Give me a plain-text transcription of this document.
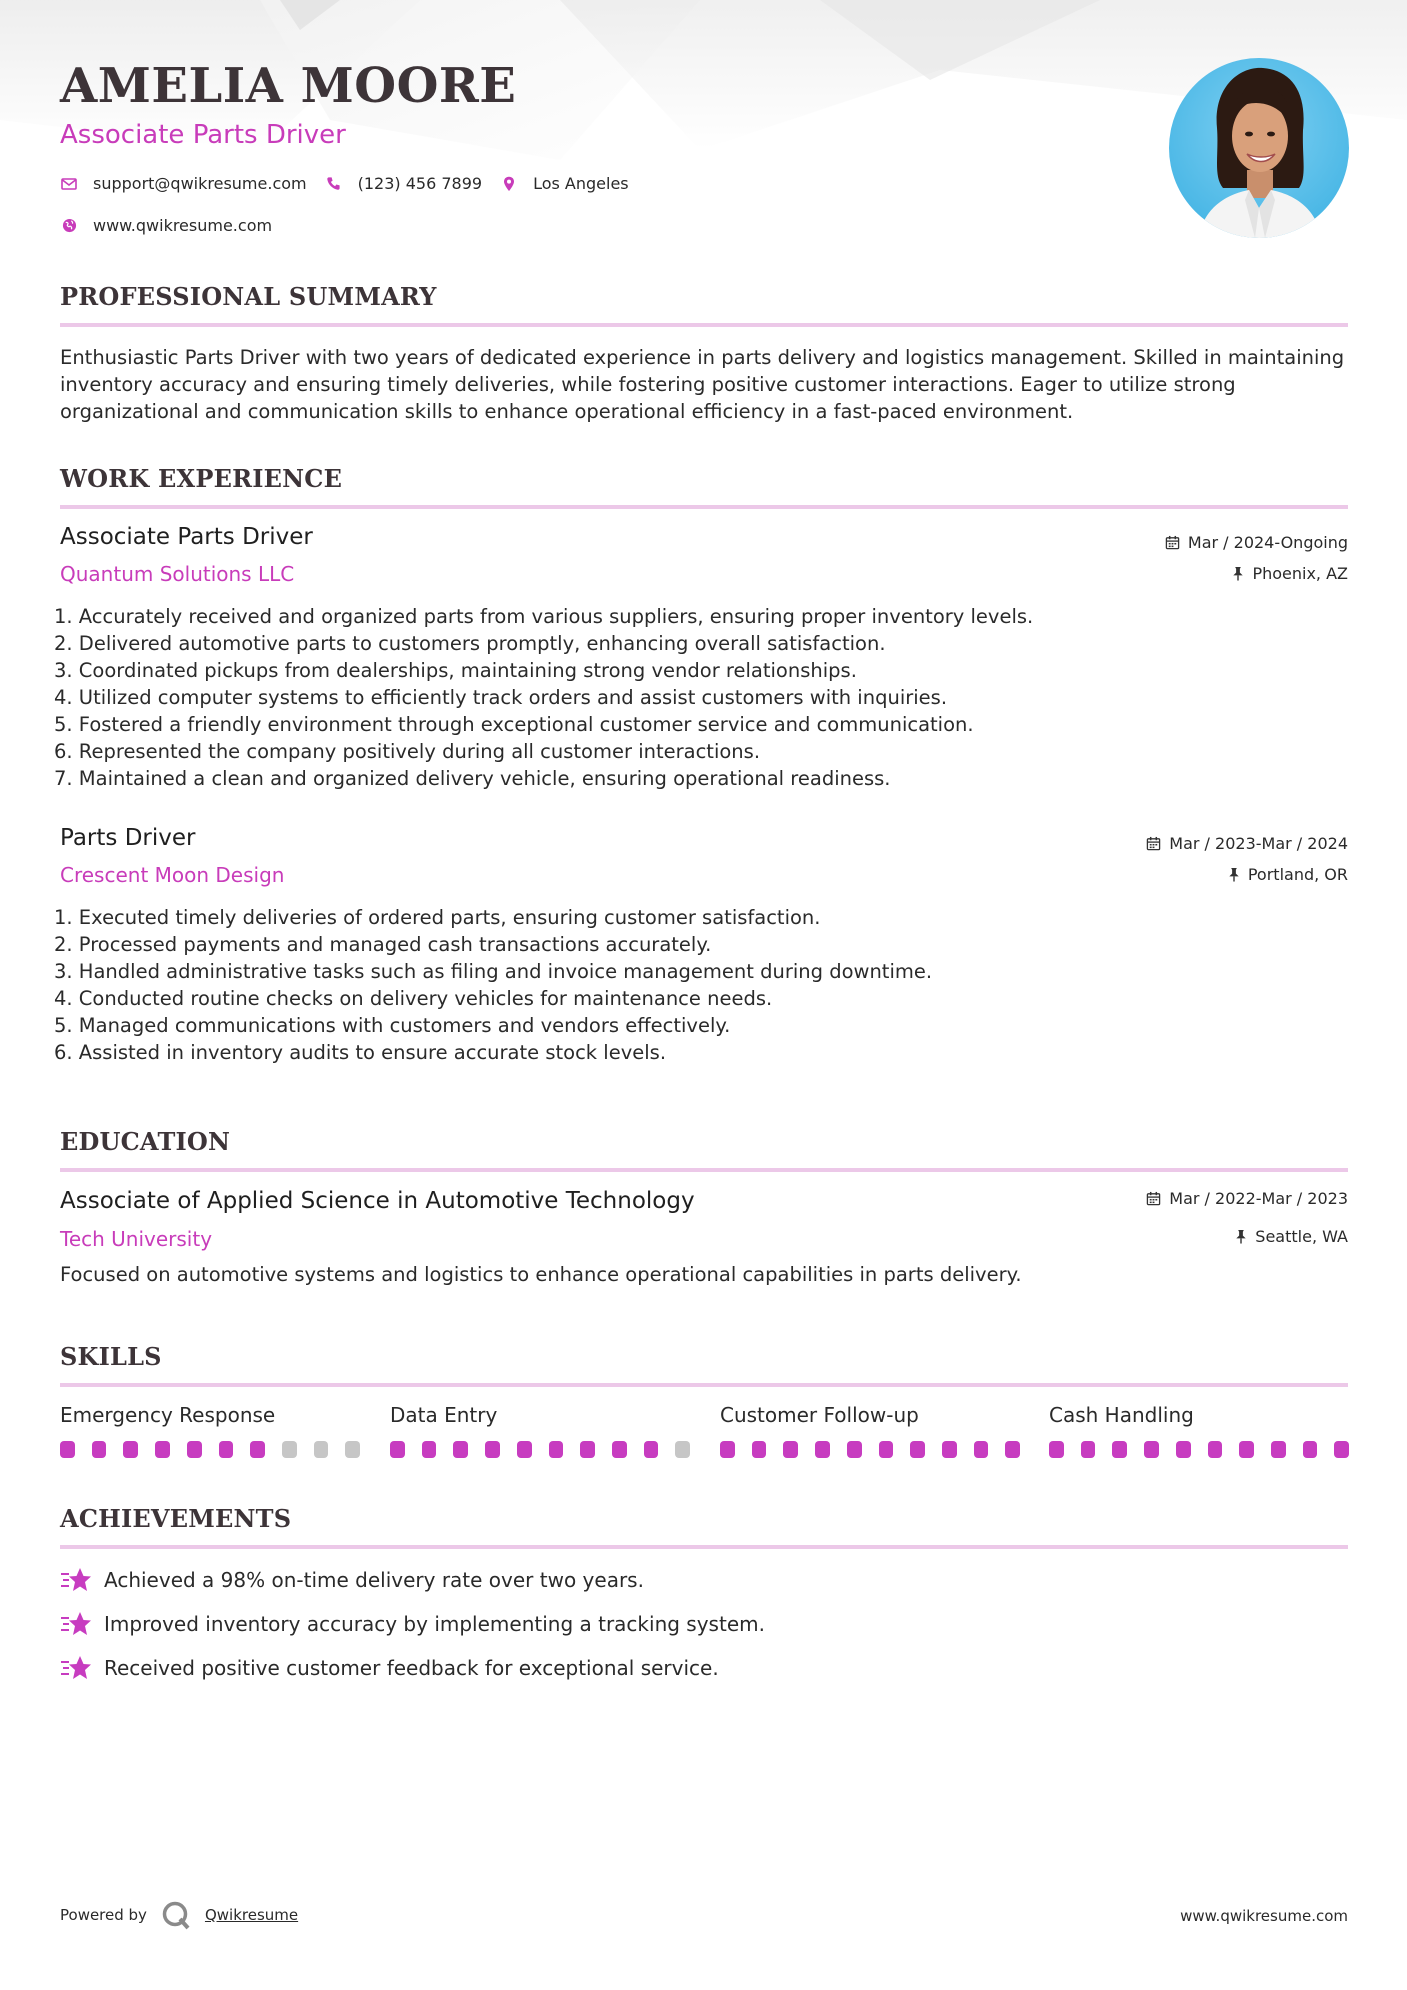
AMELIA MOORE
Associate Parts Driver
support@qwikresume.com	(123) 456 7899	Los Angeles
www.qwikresume.com
PROFESSIONAL SUMMARY
Enthusiastic Parts Driver with two years of dedicated experience in parts delivery and logistics management. Skilled in maintaining inventory accuracy and ensuring timely deliveries, while fostering positive customer interactions. Eager to utilize strong organizational and communication skills to enhance operational efficiency in a fast-paced environment.
WORK EXPERIENCE
Associate Parts Driver
Quantum Solutions LLC
Mar / 2024-Ongoing
Phoenix, AZ
1. Accurately received and organized parts from various suppliers, ensuring proper inventory levels.
2. Delivered automotive parts to customers promptly, enhancing overall satisfaction.
3. Coordinated pickups from dealerships, maintaining strong vendor relationships.
4. Utilized computer systems to efficiently track orders and assist customers with inquiries.
5. Fostered a friendly environment through exceptional customer service and communication.
6. Represented the company positively during all customer interactions.
7. Maintained a clean and organized delivery vehicle, ensuring operational readiness.
Parts Driver
Crescent Moon Design
Mar / 2023-Mar / 2024
Portland, OR
1. Executed timely deliveries of ordered parts, ensuring customer satisfaction.
2. Processed payments and managed cash transactions accurately.
3. Handled administrative tasks such as filing and invoice management during downtime.
4. Conducted routine checks on delivery vehicles for maintenance needs.
5. Managed communications with customers and vendors effectively.
6. Assisted in inventory audits to ensure accurate stock levels.
EDUCATION
Associate of Applied Science in Automotive Technology
Tech University
Mar / 2022-Mar / 2023
Seattle, WA
Focused on automotive systems and logistics to enhance operational capabilities in parts delivery.
SKILLS
Emergency Response	Data Entry	Customer Follow-up	Cash Handling
ACHIEVEMENTS
Achieved a 98% on-time delivery rate over two years.
Improved inventory accuracy by implementing a tracking system.
Received positive customer feedback for exceptional service.
Powered by	Qwikresume	www.qwikresume.com
